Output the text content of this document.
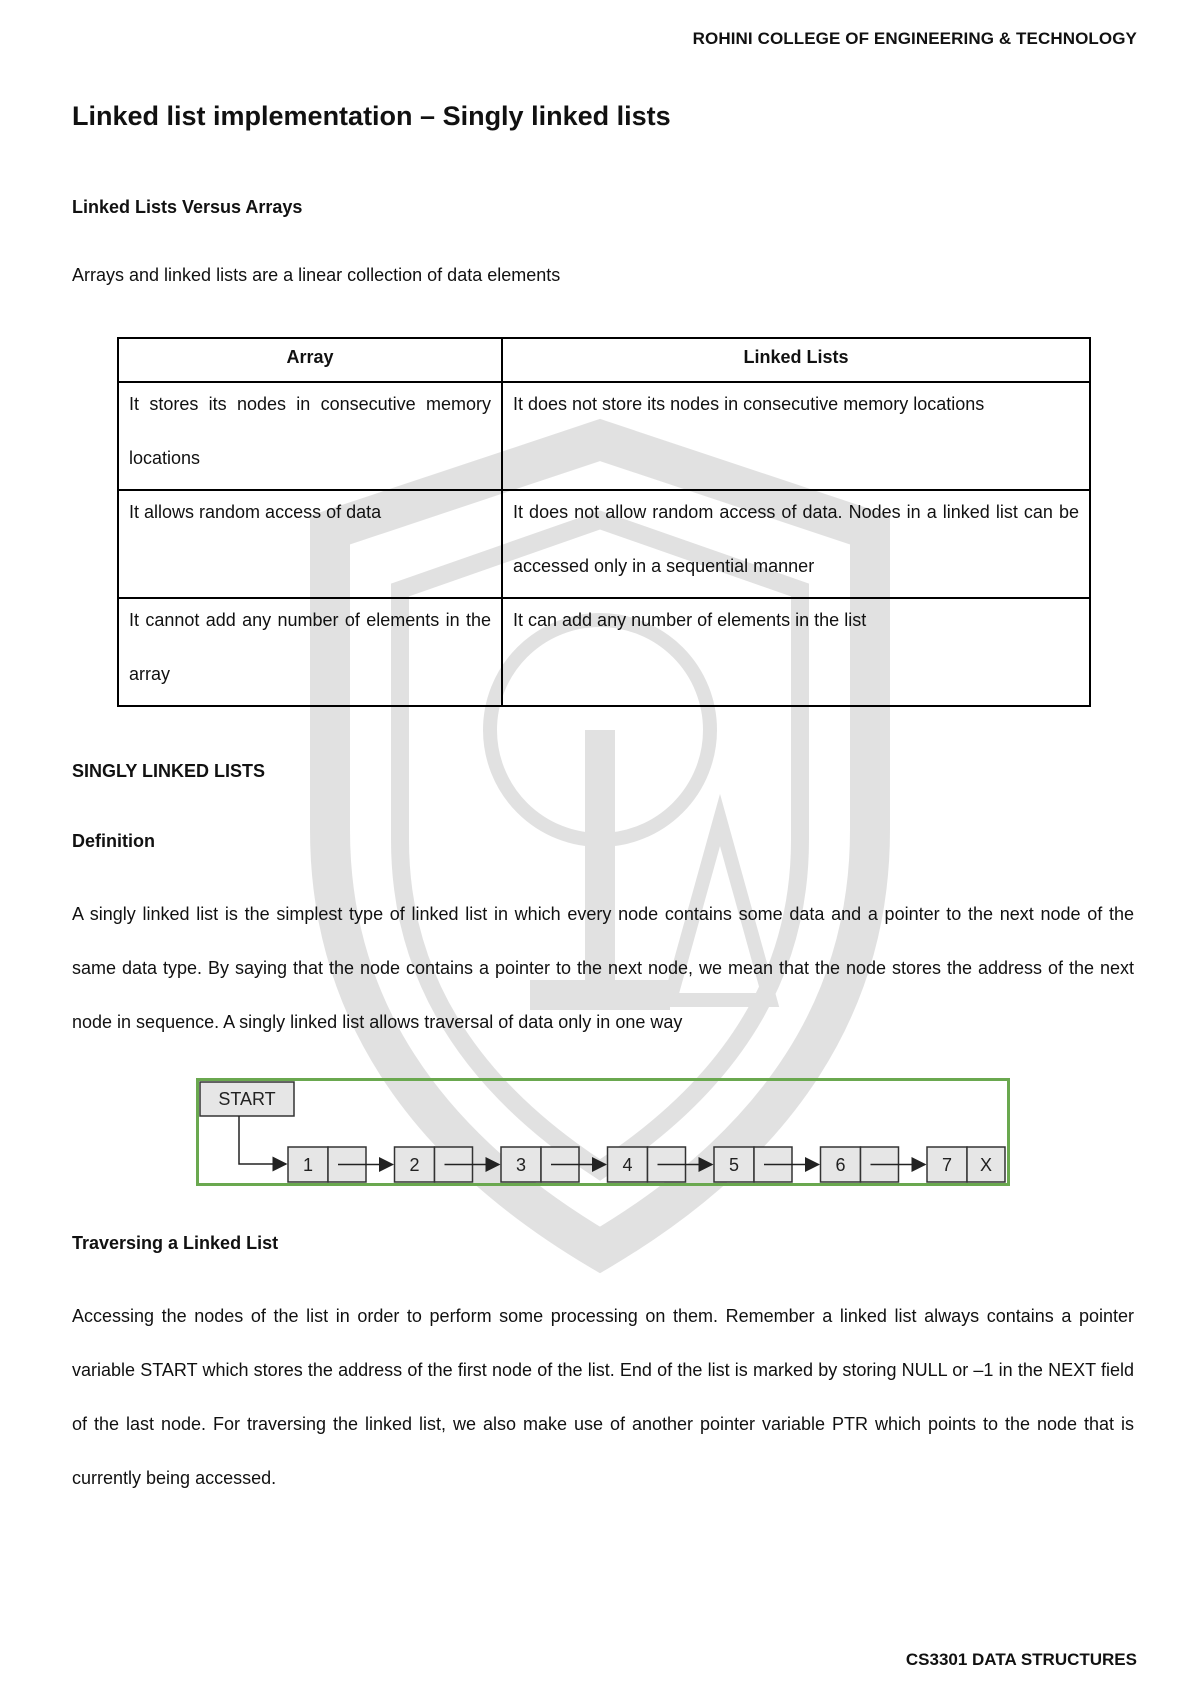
ROHINI COLLEGE OF ENGINEERING & TECHNOLOGY
Linked list implementation – Singly linked lists

Linked Lists Versus Arrays

Arrays and linked lists are a linear collection of data elements

Array	Linked Lists

It stores its nodes in consecutive memory locations	It does not store its nodes in consecutive memory locations

It allows random access of data	It does not allow random access of data. Nodes in a linked list can be accessed only in a sequential manner

It cannot add any number of elements in the array	It can add any number of elements in the list

SINGLY LINKED LISTS

Definition

A singly linked list is the simplest type of linked list in which every node contains some data and a pointer to the next node of the same data type. By saying that the node contains a pointer to the next node, we mean that the node stores the address of the next node in sequence. A singly linked list allows traversal of data only in one way

START
1	2	3	4	5	6	7 X

Traversing a Linked List

Accessing the nodes of the list in order to perform some processing on them. Remember a linked list always contains a pointer variable START which stores the address of the first node of the list. End of the list is marked by storing NULL or –1 in the NEXT field of the last node. For traversing the linked list, we also make use of another pointer variable PTR which points to the node that is currently being accessed.

CS3301 DATA STRUCTURES
